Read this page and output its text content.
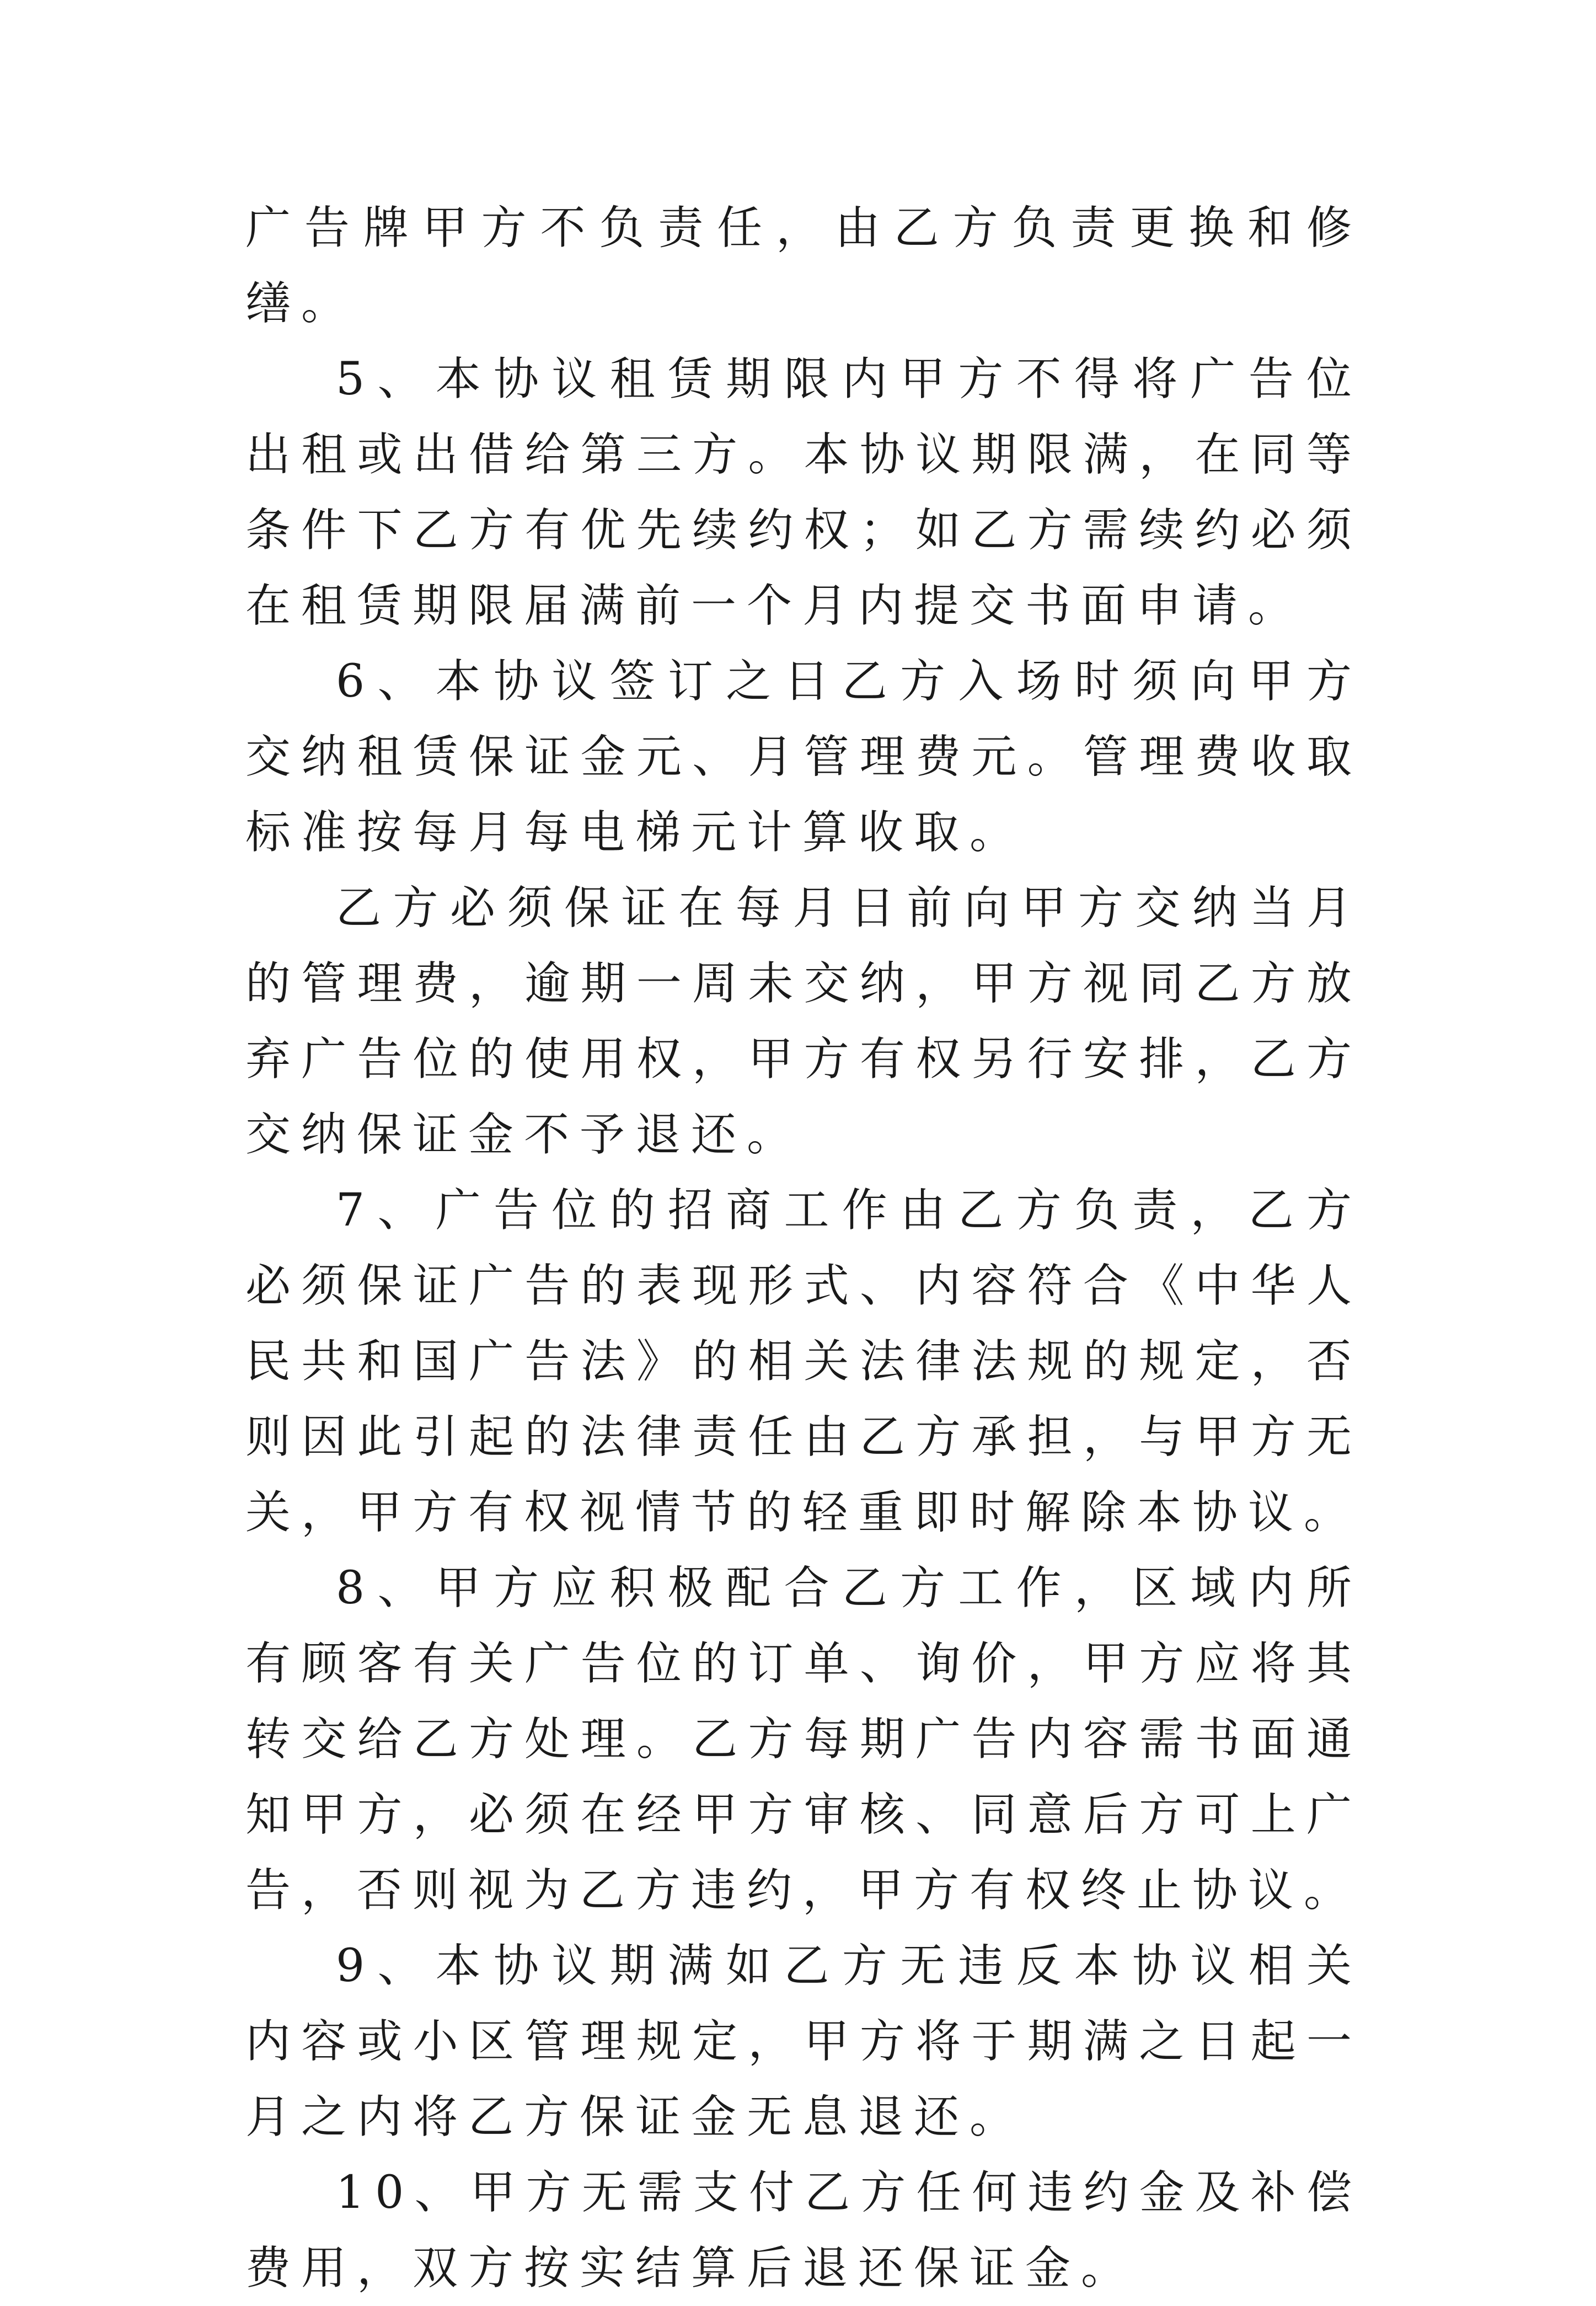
广告牌甲方不负责任，由乙方负责更换和修缮。

5、本协议租赁期限内甲方不得将广告位出租或出借给第三方。本协议期限满，在同等条件下乙方有优先续约权；如乙方需续约必须在租赁期限届满前一个月内提交书面申请。

6、本协议签订之日乙方入场时须向甲方交纳租赁保证金元、月管理费元。管理费收取标准按每月每电梯元计算收取。

乙方必须保证在每月日前向甲方交纳当月的管理费，逾期一周未交纳，甲方视同乙方放弃广告位的使用权，甲方有权另行安排，乙方交纳保证金不予退还。

7、广告位的招商工作由乙方负责，乙方必须保证广告的表现形式、内容符合《中华人民共和国广告法》的相关法律法规的规定，否则因此引起的法律责任由乙方承担，与甲方无关，甲方有权视情节的轻重即时解除本协议。

8、甲方应积极配合乙方工作，区域内所有顾客有关广告位的订单、询价，甲方应将其转交给乙方处理。乙方每期广告内容需书面通知甲方，必须在经甲方审核、同意后方可上广告，否则视为乙方违约，甲方有权终止协议。

9、本协议期满如乙方无违反本协议相关内容或小区管理规定，甲方将于期满之日起一月之内将乙方保证金无息退还。

10、甲方无需支付乙方任何违约金及补偿费用，双方按实结算后退还保证金。
